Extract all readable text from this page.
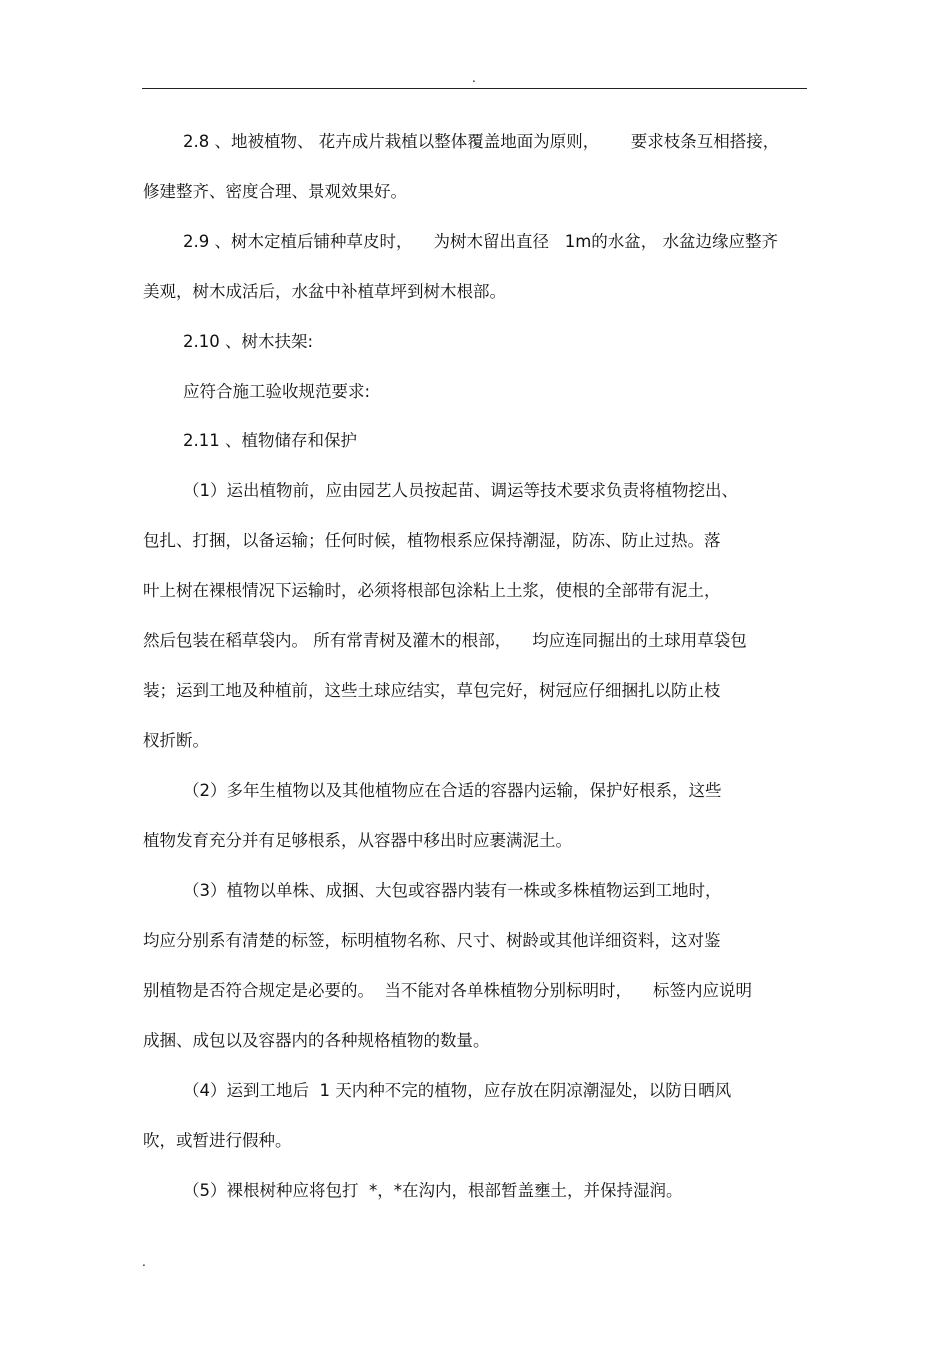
.
2.8 、地被植物、 花卉成片栽植以整体覆盖地面为原则，      要求枝条互相搭接，
修建整齐、密度合理、景观效果好。
2.9 、树木定植后铺种草皮时，    为树木留出直径   1m的水盆， 水盆边缘应整齐
美观，树木成活后，水盆中补植草坪到树木根部。
2.10 、树木扶架:
应符合施工验收规范要求:
2.11 、植物储存和保护
（1）运出植物前，应由园艺人员按起苗、调运等技术要求负责将植物挖出、
包扎、打捆，以备运输；任何时候，植物根系应保持潮湿，防冻、防止过热。落
叶上树在裸根情况下运输时，必须将根部包涂粘上土浆，使根的全部带有泥土，
然后包装在稻草袋内。 所有常青树及灌木的根部，    均应连同掘出的土球用草袋包
装；运到工地及种植前，这些土球应结实，草包完好，树冠应仔细捆扎以防止枝
杈折断。
（2）多年生植物以及其他植物应在合适的容器内运输，保护好根系，这些
植物发育充分并有足够根系，从容器中移出时应裹满泥土。
（3）植物以单株、成捆、大包或容器内装有一株或多株植物运到工地时，
均应分别系有清楚的标签，标明植物名称、尺寸、树龄或其他详细资料，这对鉴
别植物是否符合规定是必要的。  当不能对各单株植物分别标明时，    标签内应说明
成捆、成包以及容器内的各种规格植物的数量。
（4）运到工地后  1 天内种不完的植物，应存放在阴凉潮湿处，以防日晒风
吹，或暂进行假种。
（5）裸根树种应将包打  *，*在沟内，根部暂盖壅土，并保持湿润。
.
